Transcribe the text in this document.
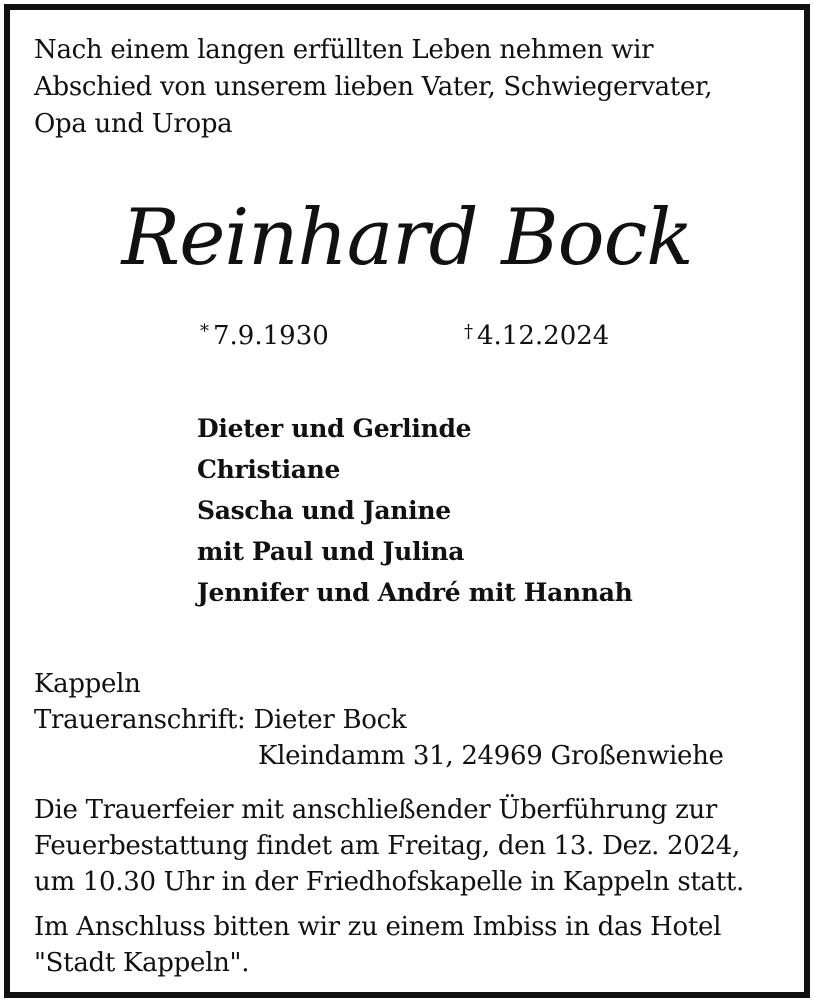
Nach einem langen erfüllten Leben nehmen wir
Abschied von unserem lieben Vater, Schwiegervater,
Opa und Uropa
Reinhard Bock
* 7.9.1930	† 4.12.2024
Dieter und Gerlinde
Christiane
Sascha und Janine
mit Paul und Julina
Jennifer und André mit Hannah
Kappeln
Traueranschrift: Dieter Bock
Kleindamm 31, 24969 Großenwiehe
Die Trauerfeier mit anschließender Überführung zur
Feuerbestattung findet am Freitag, den 13. Dez. 2024,
um 10.30 Uhr in der Friedhofskapelle in Kappeln statt.
Im Anschluss bitten wir zu einem Imbiss in das Hotel
"Stadt Kappeln".
